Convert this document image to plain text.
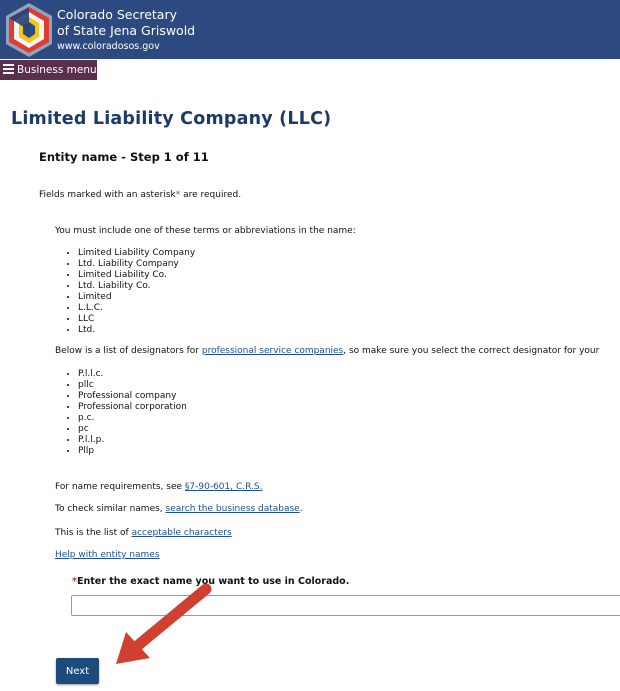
Colorado Secretary
of State Jena Griswold
www.coloradosos.gov
Business menu
Limited Liability Company (LLC)
Entity name - Step 1 of 11
Fields marked with an asterisk* are required.
You must include one of these terms or abbreviations in the name:
• Limited Liability Company
• Ltd. Liability Company
• Limited Liability Co.
• Ltd. Liability Co.
• Limited
• L.L.C.
• LLC
• Ltd.
Below is a list of designators for professional service companies, so make sure you select the correct designator for your
• P.l.l.c.
• pllc
• Professional company
• Professional corporation
• p.c.
• pc
• P.l.l.p.
• Pllp
For name requirements, see §7-90-601, C.R.S.
To check similar names, search the business database.
This is the list of acceptable characters
Help with entity names
*Enter the exact name you want to use in Colorado.
Next
